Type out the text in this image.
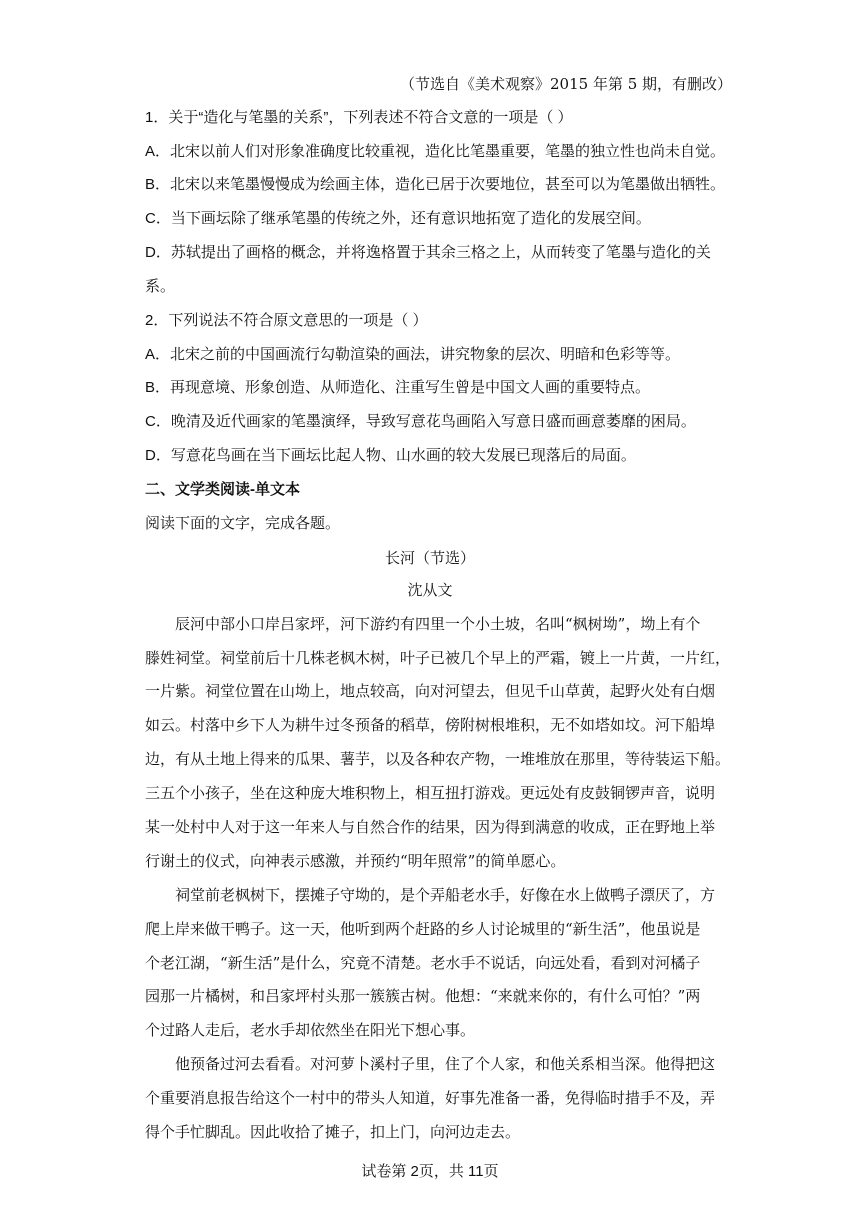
（节选自《美术观察》2015 年第 5 期，有删改）
1．关于“造化与笔墨的关系”，下列表述不符合文意的一项是（ ）
A．北宋以前人们对形象准确度比较重视，造化比笔墨重要，笔墨的独立性也尚未自觉。
B．北宋以来笔墨慢慢成为绘画主体，造化已居于次要地位，甚至可以为笔墨做出牺牲。
C．当下画坛除了继承笔墨的传统之外，还有意识地拓宽了造化的发展空间。
D．苏轼提出了画格的概念，并将逸格置于其余三格之上，从而转变了笔墨与造化的关
系。
2．下列说法不符合原文意思的一项是（ ）
A．北宋之前的中国画流行勾勒渲染的画法，讲究物象的层次、明暗和色彩等等。
B．再现意境、形象创造、从师造化、注重写生曾是中国文人画的重要特点。
C．晚清及近代画家的笔墨演绎，导致写意花鸟画陷入写意日盛而画意萎靡的困局。
D．写意花鸟画在当下画坛比起人物、山水画的较大发展已现落后的局面。
二、文学类阅读-单文本
阅读下面的文字，完成各题。
长河（节选）
沈从文
辰河中部小口岸吕家坪，河下游约有四里一个小土坡，名叫“枫树坳”，坳上有个
滕姓祠堂。祠堂前后十几株老枫木树，叶子已被几个早上的严霜，镀上一片黄，一片红，
一片紫。祠堂位置在山坳上，地点较高，向对河望去，但见千山草黄，起野火处有白烟
如云。村落中乡下人为耕牛过冬预备的稻草，傍附树根堆积，无不如塔如坟。河下船埠
边，有从土地上得来的瓜果、薯芋，以及各种农产物，一堆堆放在那里，等待装运下船。
三五个小孩子，坐在这种庞大堆积物上，相互扭打游戏。更远处有皮鼓铜锣声音，说明
某一处村中人对于这一年来人与自然合作的结果，因为得到满意的收成，正在野地上举
行谢土的仪式，向神表示感激，并预约“明年照常”的简单愿心。
祠堂前老枫树下，摆摊子守坳的，是个弄船老水手，好像在水上做鸭子漂厌了，方
爬上岸来做干鸭子。这一天，他听到两个赶路的乡人讨论城里的“新生活”，他虽说是
个老江湖，“新生活”是什么，究竟不清楚。老水手不说话，向远处看，看到对河橘子
园那一片橘树，和吕家坪村头那一簇簇古树。他想：“来就来你的，有什么可怕？”两
个过路人走后，老水手却依然坐在阳光下想心事。
他预备过河去看看。对河萝卜溪村子里，住了个人家，和他关系相当深。他得把这
个重要消息报告给这个一村中的带头人知道，好事先准备一番，免得临时措手不及，弄
得个手忙脚乱。因此收拾了摊子，扣上门，向河边走去。
试卷第 2页，共 11页
